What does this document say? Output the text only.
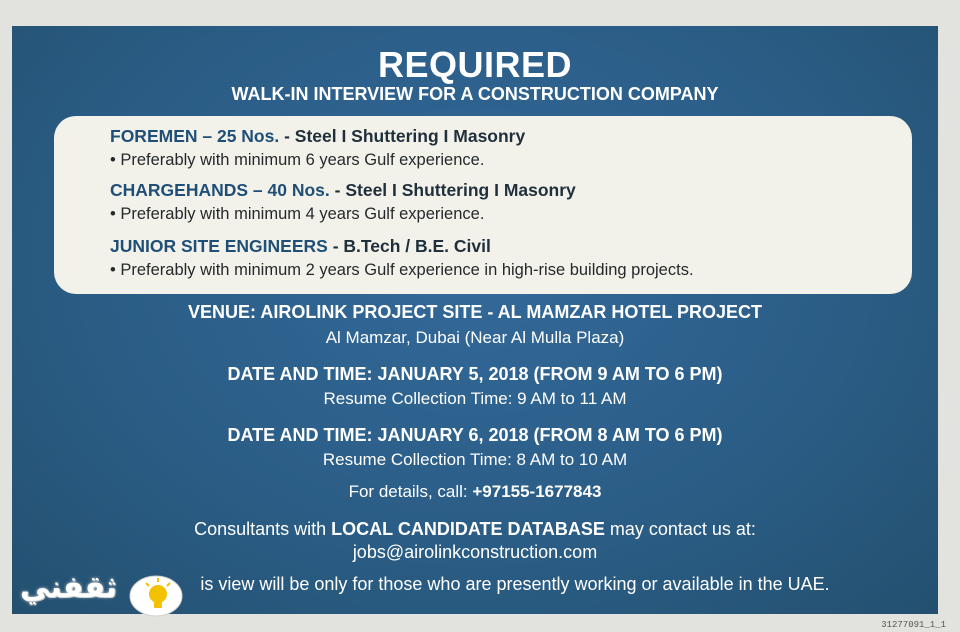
REQUIRED
WALK-IN INTERVIEW FOR A CONSTRUCTION COMPANY
FOREMEN – 25 Nos. - Steel I Shuttering I Masonry
• Preferably with minimum 6 years Gulf experience.
CHARGEHANDS – 40 Nos. - Steel I Shuttering I Masonry
• Preferably with minimum 4 years Gulf experience.
JUNIOR SITE ENGINEERS - B.Tech / B.E. Civil
• Preferably with minimum 2 years Gulf experience in high-rise building projects.
VENUE: AIROLINK PROJECT SITE - AL MAMZAR HOTEL PROJECT
Al Mamzar, Dubai (Near Al Mulla Plaza)
DATE AND TIME: JANUARY 5, 2018 (FROM 9 AM TO 6 PM)
Resume Collection Time: 9 AM to 11 AM
DATE AND TIME: JANUARY 6, 2018 (FROM 8 AM TO 6 PM)
Resume Collection Time: 8 AM to 10 AM
For details, call: +97155-1677843
Consultants with LOCAL CANDIDATE DATABASE may contact us at:
jobs@airolinkconstruction.com
is view will be only for those who are presently working or available in the UAE.
ثقفني
31277091_1_1
